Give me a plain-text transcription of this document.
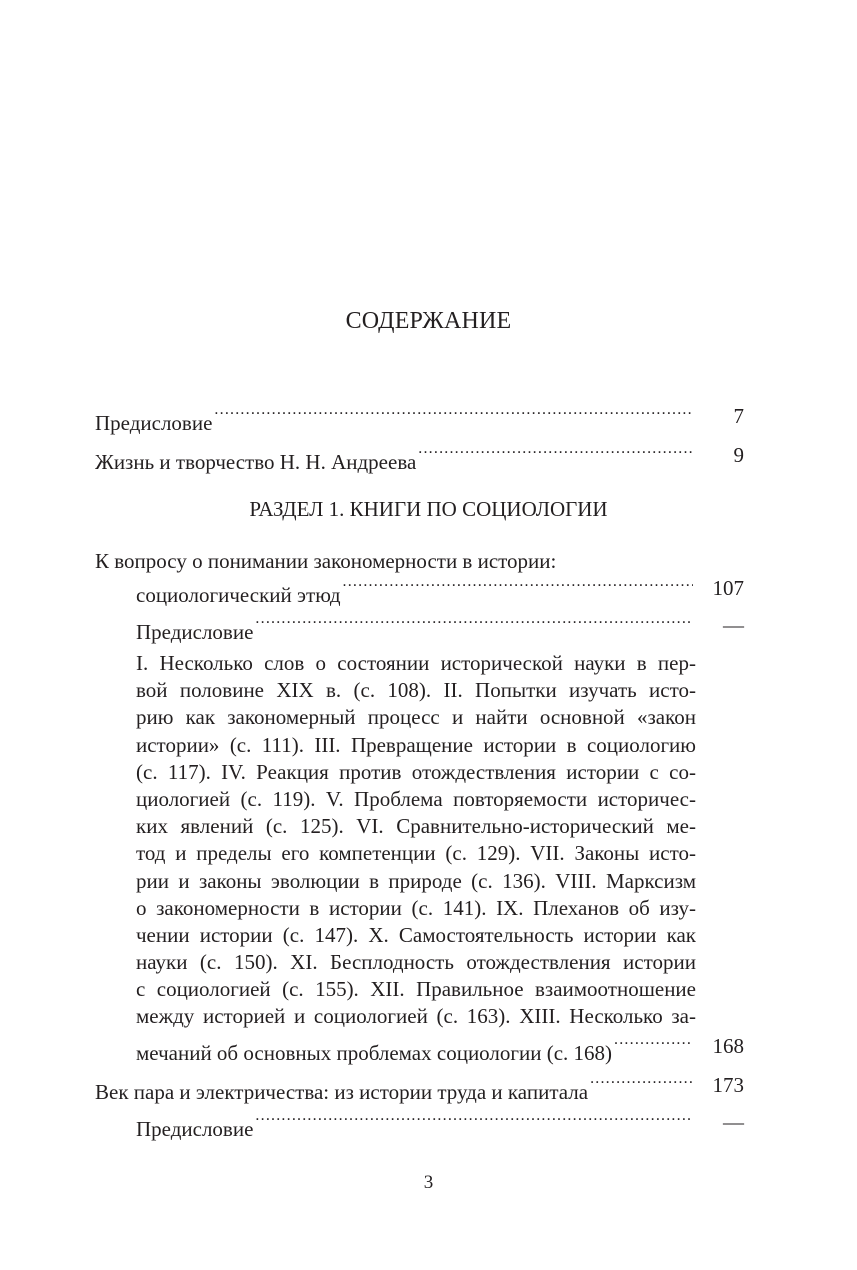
СОДЕРЖАНИЕ
Предисловие .....	7
Жизнь и творчество Н. Н. Андреева .....	9
РАЗДЕЛ 1. КНИГИ ПО СОЦИОЛОГИИ
К вопросу о понимании закономерности в истории:
социологический этюд .....	107
Предисловие .....	—
I. Несколько слов о состоянии исторической науки в пер-
вой половине XIX в. (с. 108). II. Попытки изучать исто-
рию как закономерный процесс и найти основной «закон
истории» (с. 111). III. Превращение истории в социологию
(с. 117). IV. Реакция против отождествления истории с со-
циологией (с. 119). V. Проблема повторяемости историчес-
ких явлений (с. 125). VI. Сравнительно-исторический ме-
тод и пределы его компетенции (с. 129). VII. Законы исто-
рии и законы эволюции в природе (с. 136). VIII. Марксизм
о закономерности в истории (с. 141). IX. Плеханов об изу-
чении истории (с. 147). X. Самостоятельность истории как
науки (с. 150). XI. Бесплодность отождествления истории
с социологией (с. 155). XII. Правильное взаимоотношение
между историей и социологией (с. 163). XIII. Несколько за-
мечаний об основных проблемах социологии (с. 168) .....	168
Век пара и электричества: из истории труда и капитала .....	173
Предисловие .....	—
3
